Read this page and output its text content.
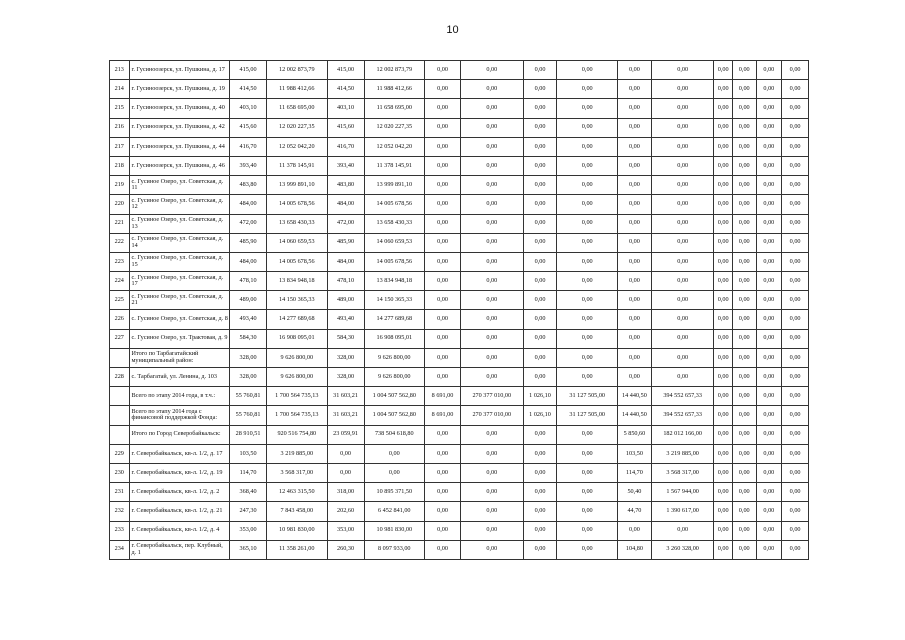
10
213	г. Гусиноозерск, ул. Пушкина, д. 17	415,00	12 002 873,79	415,00	12 002 873,79	0,00	0,00	0,00	0,00	0,00	0,00	0,00	0,00	0,00	0,00
214	г. Гусиноозерск, ул. Пушкина, д. 19	414,50	11 988 412,66	414,50	11 988 412,66	0,00	0,00	0,00	0,00	0,00	0,00	0,00	0,00	0,00	0,00
215	г. Гусиноозерск, ул. Пушкина, д. 40	403,10	11 658 695,00	403,10	11 658 695,00	0,00	0,00	0,00	0,00	0,00	0,00	0,00	0,00	0,00	0,00
216	г. Гусиноозерск, ул. Пушкина, д. 42	415,60	12 020 227,35	415,60	12 020 227,35	0,00	0,00	0,00	0,00	0,00	0,00	0,00	0,00	0,00	0,00
217	г. Гусиноозерск, ул. Пушкина, д. 44	416,70	12 052 042,20	416,70	12 052 042,20	0,00	0,00	0,00	0,00	0,00	0,00	0,00	0,00	0,00	0,00
218	г. Гусиноозерск, ул. Пушкина, д. 46	393,40	11 378 145,91	393,40	11 378 145,91	0,00	0,00	0,00	0,00	0,00	0,00	0,00	0,00	0,00	0,00
219	с. Гусиное Озеро, ул. Советская, д. 11	483,80	13 999 891,10	483,80	13 999 891,10	0,00	0,00	0,00	0,00	0,00	0,00	0,00	0,00	0,00	0,00
220	с. Гусиное Озеро, ул. Советская, д. 12	484,00	14 005 678,56	484,00	14 005 678,56	0,00	0,00	0,00	0,00	0,00	0,00	0,00	0,00	0,00	0,00
221	с. Гусиное Озеро, ул. Советская, д. 13	472,00	13 658 430,33	472,00	13 658 430,33	0,00	0,00	0,00	0,00	0,00	0,00	0,00	0,00	0,00	0,00
222	с. Гусиное Озеро, ул. Советская, д. 14	485,90	14 060 659,53	485,90	14 060 659,53	0,00	0,00	0,00	0,00	0,00	0,00	0,00	0,00	0,00	0,00
223	с. Гусиное Озеро, ул. Советская, д. 15	484,00	14 005 678,56	484,00	14 005 678,56	0,00	0,00	0,00	0,00	0,00	0,00	0,00	0,00	0,00	0,00
224	с. Гусиное Озеро, ул. Советская, д. 17	478,10	13 834 948,18	478,10	13 834 948,18	0,00	0,00	0,00	0,00	0,00	0,00	0,00	0,00	0,00	0,00
225	с. Гусиное Озеро, ул. Советская, д. 21	489,00	14 150 365,33	489,00	14 150 365,33	0,00	0,00	0,00	0,00	0,00	0,00	0,00	0,00	0,00	0,00
226	с. Гусиное Озеро, ул. Советская, д. 8	493,40	14 277 689,68	493,40	14 277 689,68	0,00	0,00	0,00	0,00	0,00	0,00	0,00	0,00	0,00	0,00
227	с. Гусиное Озеро, ул. Трактовая, д. 9	584,30	16 908 095,01	584,30	16 908 095,01	0,00	0,00	0,00	0,00	0,00	0,00	0,00	0,00	0,00	0,00
	Итого по Тарбагатайский муниципальный район:	328,00	9 626 800,00	328,00	9 626 800,00	0,00	0,00	0,00	0,00	0,00	0,00	0,00	0,00	0,00	0,00
228	с. Тарбагатай, ул. Ленина, д. 103	328,00	9 626 800,00	328,00	9 626 800,00	0,00	0,00	0,00	0,00	0,00	0,00	0,00	0,00	0,00	0,00
	Всего по этапу 2014 года, в т.ч.:	55 760,81	1 700 564 735,13	31 603,21	1 004 507 562,80	8 691,00	270 377 010,00	1 026,10	31 127 505,00	14 440,50	394 552 657,33	0,00	0,00	0,00	0,00
	Всего по этапу 2014 года с финансовой поддержкой Фонда:	55 760,81	1 700 564 735,13	31 603,21	1 004 507 562,80	8 691,00	270 377 010,00	1 026,10	31 127 505,00	14 440,50	394 552 657,33	0,00	0,00	0,00	0,00
	Итого по Город Северобайкальск:	28 910,51	920 516 754,80	23 059,91	738 504 618,80	0,00	0,00	0,00	0,00	5 850,60	182 012 166,00	0,00	0,00	0,00	0,00
229	г. Северобайкальск, кв-л. 1/2, д. 17	103,50	3 219 885,00	0,00	0,00	0,00	0,00	0,00	0,00	103,50	3 219 885,00	0,00	0,00	0,00	0,00
230	г. Северобайкальск, кв-л. 1/2, д. 19	114,70	3 568 317,00	0,00	0,00	0,00	0,00	0,00	0,00	114,70	3 568 317,00	0,00	0,00	0,00	0,00
231	г. Северобайкальск, кв-л. 1/2, д. 2	368,40	12 463 315,50	318,00	10 895 371,50	0,00	0,00	0,00	0,00	50,40	1 567 944,00	0,00	0,00	0,00	0,00
232	г. Северобайкальск, кв-л. 1/2, д. 21	247,30	7 843 458,00	202,60	6 452 841,00	0,00	0,00	0,00	0,00	44,70	1 390 617,00	0,00	0,00	0,00	0,00
233	г. Северобайкальск, кв-л. 1/2, д. 4	353,00	10 981 830,00	353,00	10 981 830,00	0,00	0,00	0,00	0,00	0,00	0,00	0,00	0,00	0,00	0,00
234	г. Северобайкальск, пер. Клубный, д. 1	365,10	11 358 261,00	260,30	8 097 933,00	0,00	0,00	0,00	0,00	104,80	3 260 328,00	0,00	0,00	0,00	0,00
